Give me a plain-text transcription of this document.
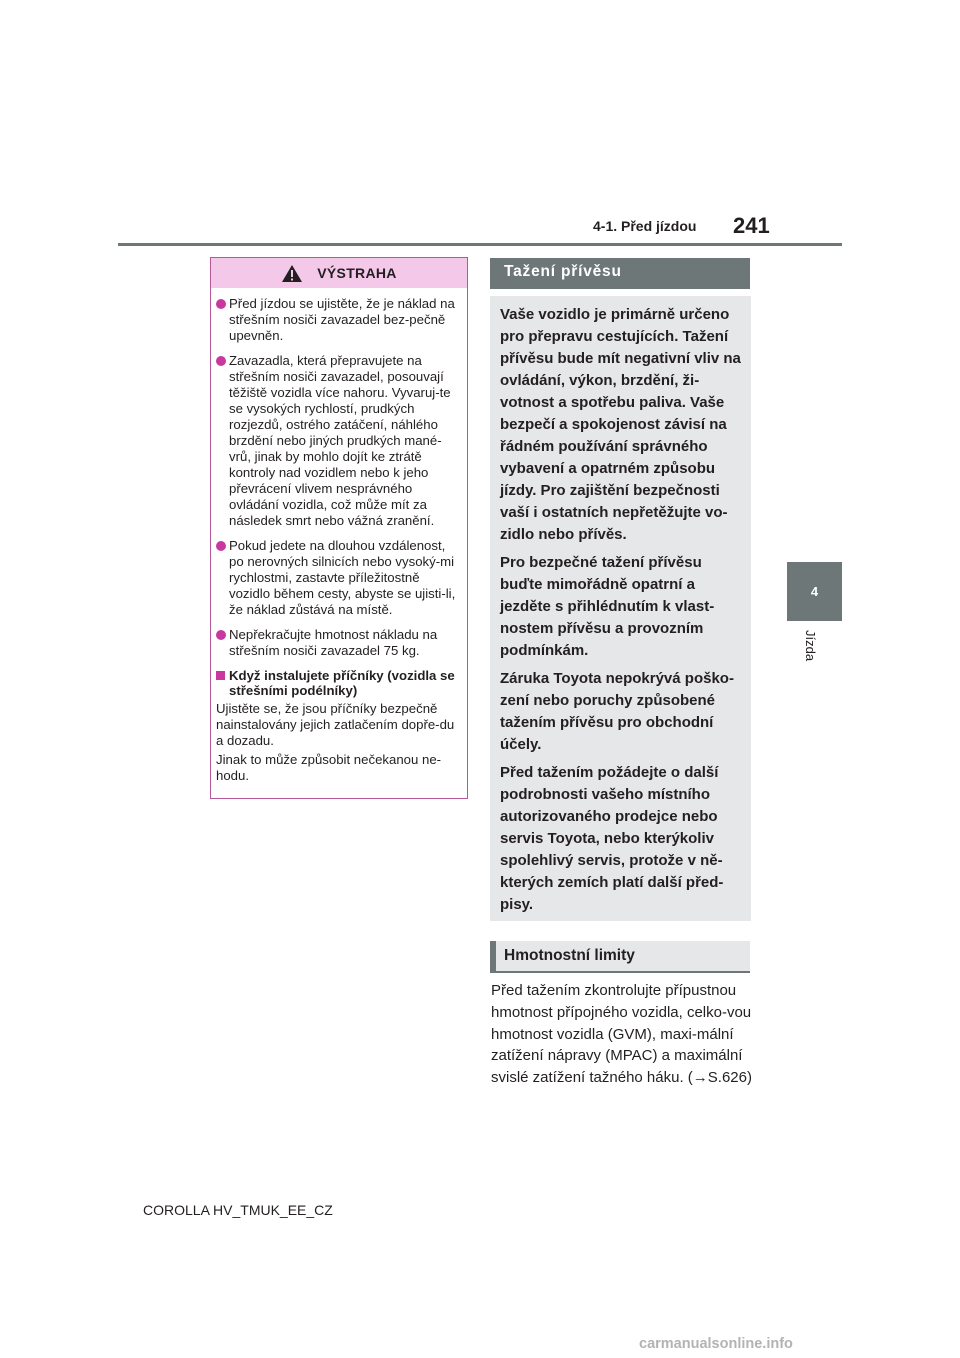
4-1. Před jízdou 241
4
Jízda
VÝSTRAHA
Před jízdou se ujistěte, že je náklad na střešním nosiči zavazadel bez-pečně upevněn.
Zavazadla, která přepravujete na střešním nosiči zavazadel, posouvají těžiště vozidla více nahoru. Vyvaruj-te se vysokých rychlostí, prudkých rozjezdů, ostrého zatáčení, náhlého brzdění nebo jiných prudkých mané-vrů, jinak by mohlo dojít ke ztrátě kontroly nad vozidlem nebo k jeho převrácení vlivem nesprávného ovládání vozidla, což může mít za následek smrt nebo vážná zranění.
Pokud jedete na dlouhou vzdálenost, po nerovných silnicích nebo vysoký-mi rychlostmi, zastavte příležitostně vozidlo během cesty, abyste se ujisti-li, že náklad zůstává na místě.
Nepřekračujte hmotnost nákladu na střešním nosiči zavazadel 75 kg.
Když instalujete příčníky (vozidla se střešními podélníky)
Ujistěte se, že jsou příčníky bezpečně nainstalovány jejich zatlačením dopře-du a dozadu.
Jinak to může způsobit nečekanou ne-hodu.
Tažení přívěsu

Vaše vozidlo je primárně určeno pro přepravu cestujících. Tažení přívěsu bude mít negativní vliv na ovládání, výkon, brzdění, ži-votnost a spotřebu paliva. Vaše bezpečí a spokojenost závisí na řádném používání správného vybavení a opatrném způsobu jízdy. Pro zajištění bezpečnosti vaší i ostatních nepřetěžujte vo-zidlo nebo přívěs.

Pro bezpečné tažení přívěsu buďte mimořádně opatrní a jezděte s přihlédnutím k vlast-nostem přívěsu a provozním podmínkám.

Záruka Toyota nepokrývá poško-zení nebo poruchy způsobené tažením přívěsu pro obchodní účely.

Před tažením požádejte o další podrobnosti vašeho místního autorizovaného prodejce nebo servis Toyota, nebo kterýkoliv spolehlivý servis, protože v ně-kterých zemích platí další před-pisy.

Hmotnostní limity
Před tažením zkontrolujte přípustnou hmotnost přípojného vozidla, celko-vou hmotnost vozidla (GVM), maxi-mální zatížení nápravy (MPAC) a maximální svislé zatížení tažného háku. (→S.626)
COROLLA HV_TMUK_EE_CZ
carmanualsonline.info
